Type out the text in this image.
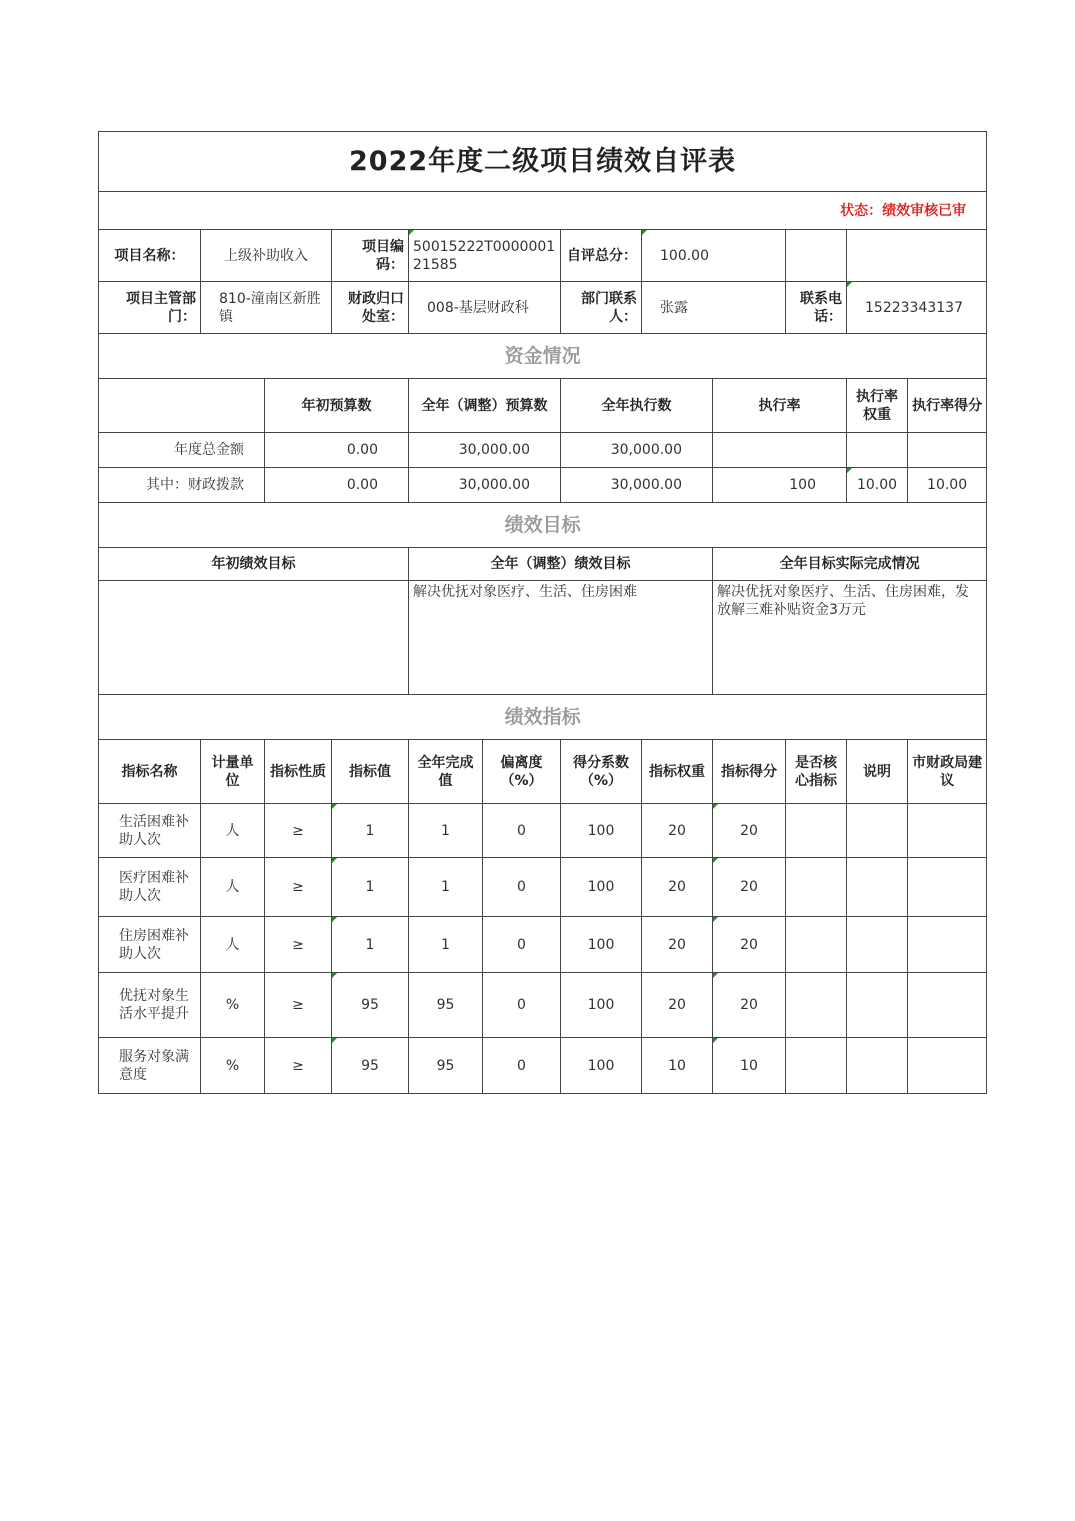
2022年度二级项目绩效自评表											
状态：绩效审核已审											
项目名称：	上级补助收入		项目编码：	50015222T000000121585		自评总分：	100.00				
项目主管部门：	810-潼南区新胜镇		财政归口处室：	008-基层财政科		部门联系人：	张露		联系电话：	15223343137	
资金情况											
		年初预算数		全年（调整）预算数		全年执行数		执行率		执行率权重	执行率得分
年度总金额		0.00		30,000.00		30,000.00					
其中：财政拨款		0.00		30,000.00		30,000.00		100		10.00	10.00
绩效目标											
年初绩效目标				全年（调整）绩效目标				全年目标实际完成情况			
				解决优抚对象医疗、生活、住房困难				解决优抚对象医疗、生活、住房困难，发放解三难补贴资金3万元			
绩效指标											
指标名称	计量单位	指标性质	指标值	全年完成值	偏离度（%）	得分系数（%）	指标权重	指标得分	是否核心指标	说明	市财政局建议
生活困难补助人次	人	≥	1	1	0	100	20	20			
医疗困难补助人次	人	≥	1	1	0	100	20	20			
住房困难补助人次	人	≥	1	1	0	100	20	20			
优抚对象生活水平提升	%	≥	95	95	0	100	20	20			
服务对象满意度	%	≥	95	95	0	100	10	10			
